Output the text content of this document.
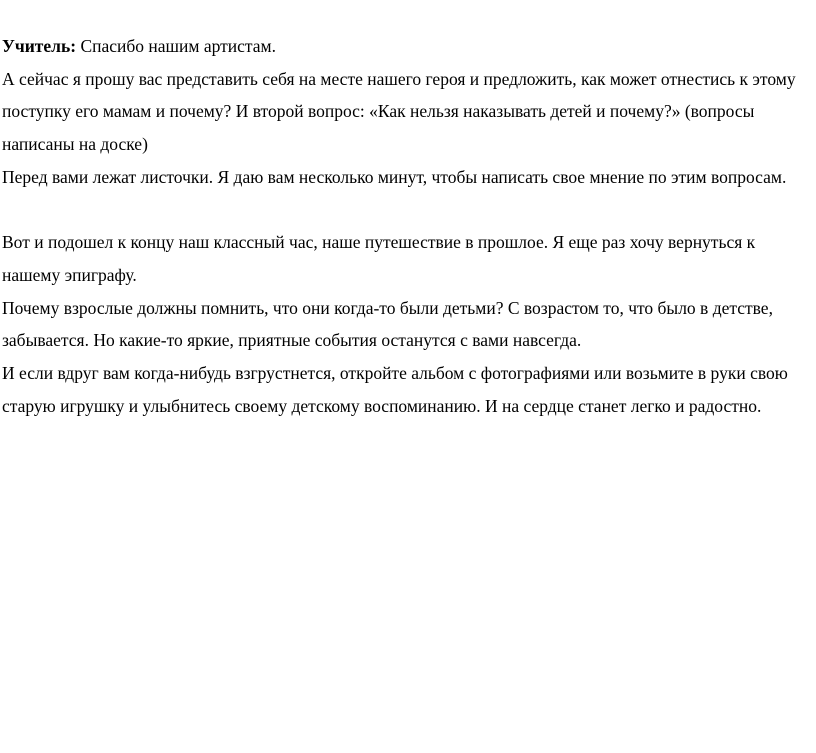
Учитель: Спасибо нашим артистам.

А сейчас я прошу вас представить себя на месте нашего героя и предложить, как может отнестись к этому поступку его мамам и почему? И второй вопрос: «Как нельзя наказывать детей и почему?» (вопросы написаны на доске)

Перед вами лежат листочки. Я даю вам несколько минут, чтобы написать свое мнение по этим вопросам.

Вот и подошел к концу наш классный час, наше путешествие в прошлое. Я еще раз хочу вернуться к нашему эпиграфу.

Почему взрослые должны помнить, что они когда-то были детьми? С возрастом то, что было в детстве, забывается. Но какие-то яркие, приятные события останутся с вами навсегда.

И если вдруг вам когда-нибудь взгрустнется, откройте альбом с фотографиями или возьмите в руки свою старую игрушку и улыбнитесь своему детскому воспоминанию. И на сердце станет легко и радостно.
